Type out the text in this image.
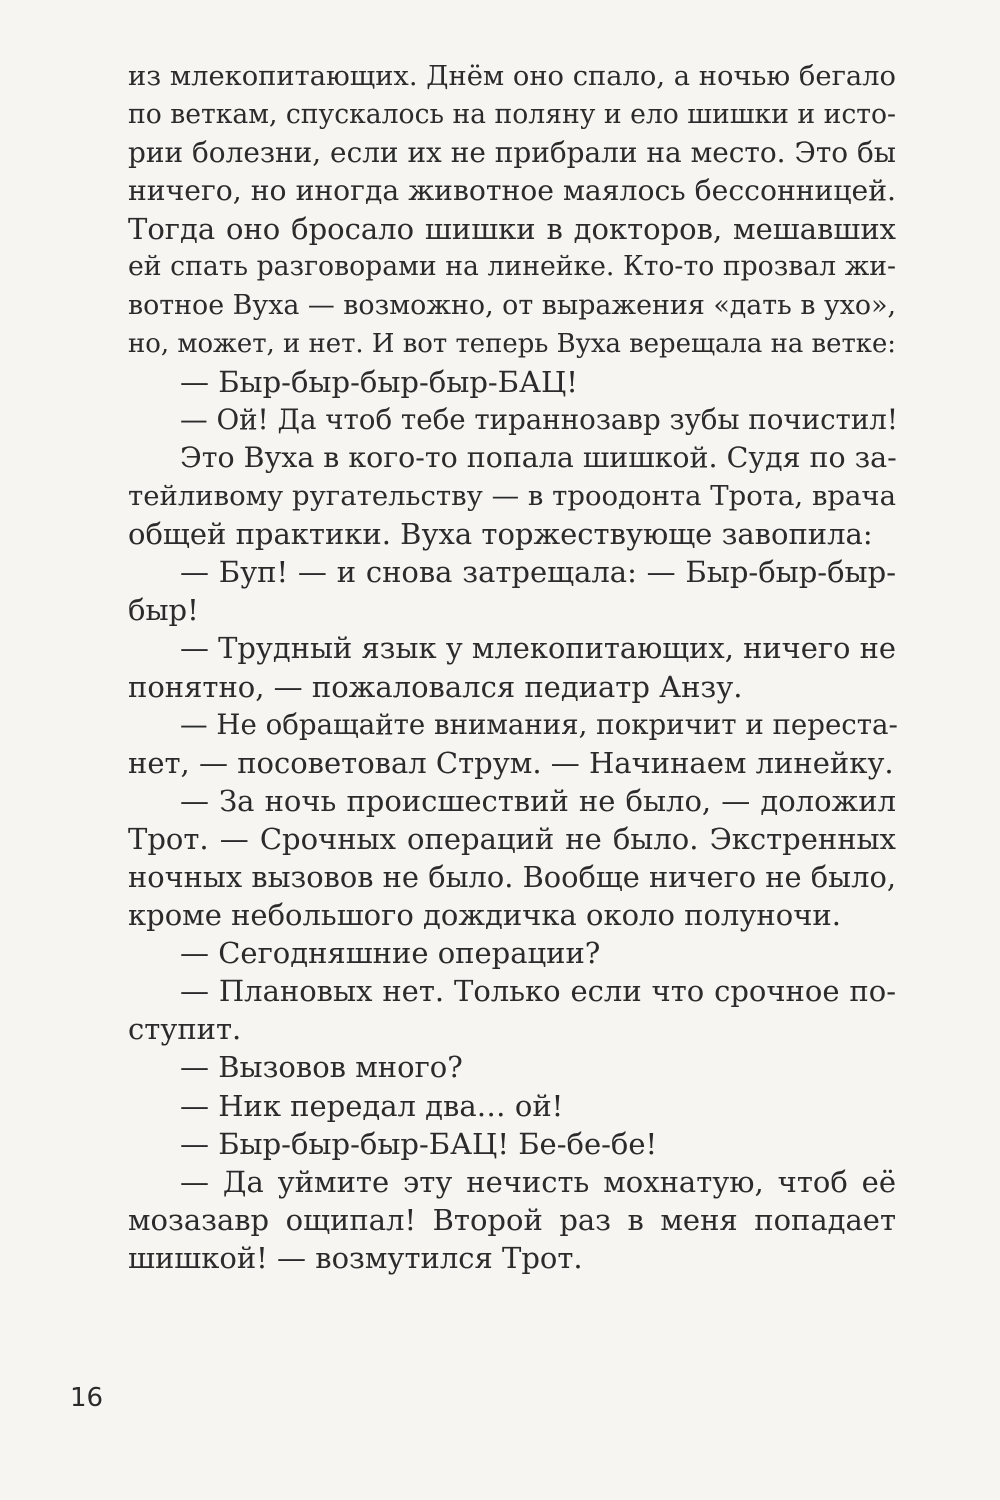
из млекопитающих. Днём оно спало, а ночью бегало
по веткам, спускалось на поляну и ело шишки и исто-
рии болезни, если их не прибрали на место. Это бы
ничего, но иногда животное маялось бессонницей.
Тогда оно бросало шишки в докторов, мешавших
ей спать разговорами на линейке. Кто-то прозвал жи-
вотное Вуха — возможно, от выражения «дать в ухо»,
но, может, и нет. И вот теперь Вуха верещала на ветке:
— Быр-быр-быр-быр-БАЦ!
— Ой! Да чтоб тебе тираннозавр зубы почистил!
Это Вуха в кого-то попала шишкой. Судя по за-
тейливому ругательству — в троодонта Трота, врача
общей практики. Вуха торжествующе завопила:
— Буп! — и снова затрещала: — Быр-быр-быр-
быр!
— Трудный язык у млекопитающих, ничего не
понятно, — пожаловался педиатр Анзу.
— Не обращайте внимания, покричит и переста-
нет, — посоветовал Струм. — Начинаем линейку.
— За ночь происшествий не было, — доложил
Трот. — Срочных операций не было. Экстренных
ночных вызовов не было. Вообще ничего не было,
кроме небольшого дождичка около полуночи.
— Сегодняшние операции?
— Плановых нет. Только если что срочное по-
ступит.
— Вызовов много?
— Ник передал два… ой!
— Быр-быр-быр-БАЦ! Бе-бе-бе!
— Да уймите эту нечисть мохнатую, чтоб её
мозазавр ощипал! Второй раз в меня попадает
шишкой! — возмутился Трот.
16
